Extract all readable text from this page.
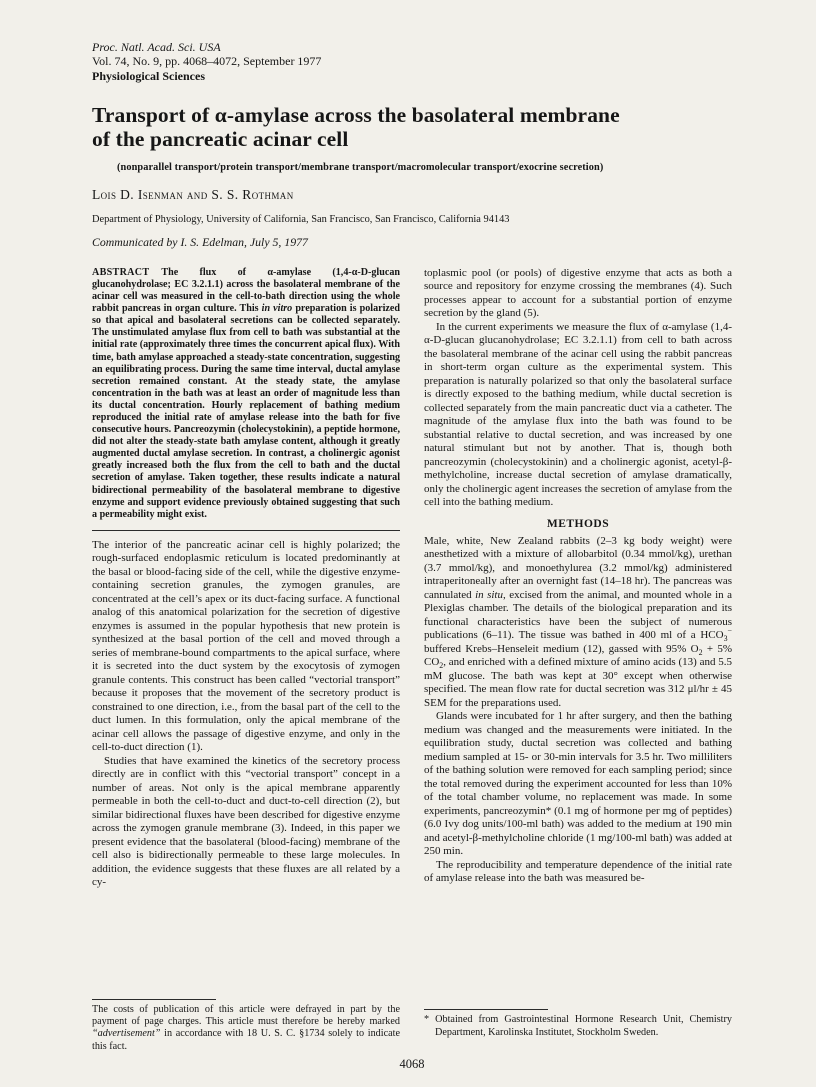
Proc. Natl. Acad. Sci. USA
Vol. 74, No. 9, pp. 4068–4072, September 1977
Physiological Sciences
Transport of α-amylase across the basolateral membrane
of the pancreatic acinar cell
(nonparallel transport/protein transport/membrane transport/macromolecular transport/exocrine secretion)
Lois D. Isenman and S. S. Rothman
Department of Physiology, University of California, San Francisco, San Francisco, California 94143
Communicated by I. S. Edelman, July 5, 1977

ABSTRACT The flux of α-amylase (1,4-α-D-glucan glucanohydrolase; EC 3.2.1.1) across the basolateral membrane of the acinar cell was measured in the cell-to-bath direction using the whole rabbit pancreas in organ culture. This in vitro preparation is polarized so that apical and basolateral secretions can be collected separately. The unstimulated amylase flux from cell to bath was substantial at the initial rate (approximately three times the concurrent apical flux). With time, bath amylase approached a steady-state concentration, suggesting an equilibrating process. During the same time interval, ductal amylase secretion remained constant. At the steady state, the amylase concentration in the bath was at least an order of magnitude less than its ductal concentration. Hourly replacement of bathing medium reproduced the initial rate of amylase release into the bath for five consecutive hours. Pancreozymin (cholecystokinin), a peptide hormone, did not alter the steady-state bath amylase content, although it greatly augmented ductal amylase secretion. In contrast, a cholinergic agonist greatly increased both the flux from the cell to bath and the ductal secretion of amylase. Taken together, these results indicate a natural bidirectional permeability of the basolateral membrane to digestive enzyme and support evidence previously obtained suggesting that such a permeability might exist.

The interior of the pancreatic acinar cell is highly polarized; the rough-surfaced endoplasmic reticulum is located predominantly at the basal or blood-facing side of the cell, while the digestive enzyme-containing secretion granules, the zymogen granules, are concentrated at the cell’s apex or its duct-facing surface. A functional analog of this anatomical polarization for the secretion of digestive enzymes is assumed in the popular hypothesis that new protein is synthesized at the basal portion of the cell and moved through a series of membrane-bound compartments to the apical surface, where it is secreted into the duct system by the exocytosis of zymogen granule contents. This construct has been called “vectorial transport” because it proposes that the movement of the secretory product is constrained to one direction, i.e., from the basal part of the cell to the duct lumen. In this formulation, only the apical membrane of the acinar cell allows the passage of digestive enzyme, and only in the cell-to-duct direction (1).

Studies that have examined the kinetics of the secretory process directly are in conflict with this “vectorial transport” concept in a number of areas. Not only is the apical membrane apparently permeable in both the cell-to-duct and duct-to-cell direction (2), but similar bidirectional fluxes have been described for digestive enzyme across the zymogen granule membrane (3). Indeed, in this paper we present evidence that the basolateral (blood-facing) membrane of the cell also is bidirectionally permeable to these large molecules. In addition, the evidence suggests that these fluxes are all related by a cy-

The costs of publication of this article were defrayed in part by the payment of page charges. This article must therefore be hereby marked “advertisement” in accordance with 18 U. S. C. §1734 solely to indicate this fact.

toplasmic pool (or pools) of digestive enzyme that acts as both a source and repository for enzyme crossing the membranes (4). Such processes appear to account for a substantial portion of enzyme secretion by the gland (5).

In the current experiments we measure the flux of α-amylase (1,4-α-D-glucan glucanohydrolase; EC 3.2.1.1) from cell to bath across the basolateral membrane of the acinar cell using the rabbit pancreas in short-term organ culture as the experimental system. This preparation is naturally polarized so that only the basolateral surface is directly exposed to the bathing medium, while ductal secretion is collected separately from the main pancreatic duct via a catheter. The magnitude of the amylase flux into the bath was found to be substantial relative to ductal secretion, and was increased by one natural stimulant but not by another. That is, though both pancreozymin (cholecystokinin) and a cholinergic agonist, acetyl-β-methylcholine, increase ductal secretion of amylase dramatically, only the cholinergic agent increases the secretion of amylase from the cell into the bathing medium.

METHODS

Male, white, New Zealand rabbits (2–3 kg body weight) were anesthetized with a mixture of allobarbitol (0.34 mmol/kg), urethan (3.7 mmol/kg), and monoethylurea (3.2 mmol/kg) administered intraperitoneally after an overnight fast (14–18 hr). The pancreas was cannulated in situ, excised from the animal, and mounted whole in a Plexiglas chamber. The details of the biological preparation and its functional characteristics have been the subject of numerous publications (6–11). The tissue was bathed in 400 ml of a $HCO_3^-$ buffered Krebs–Henseleit medium (12), gassed with 95% $O_2 + 5\%$ $CO_2$, and enriched with a defined mixture of amino acids (13) and 5.5 mM glucose. The bath was kept at 30° except when otherwise specified. The mean flow rate for ductal secretion was 312 μl/hr ± 45 SEM for the preparations used.

Glands were incubated for 1 hr after surgery, and then the bathing medium was changed and the measurements were initiated. In the equilibration study, ductal secretion was collected and bathing medium sampled at 15- or 30-min intervals for 3.5 hr. Two milliliters of the bathing solution were removed for each sampling period; since the total removed during the experiment accounted for less than 10% of the total chamber volume, no replacement was made. In some experiments, pancreozymin* (0.1 mg of hormone per mg of peptides) (6.0 Ivy dog units/100-ml bath) was added to the medium at 190 min and acetyl-β-methylcholine chloride (1 mg/100-ml bath) was added at 250 min.

The reproducibility and temperature dependence of the initial rate of amylase release into the bath was measured be-

* Obtained from Gastrointestinal Hormone Research Unit, Chemistry Department, Karolinska Institutet, Stockholm Sweden.

4068
